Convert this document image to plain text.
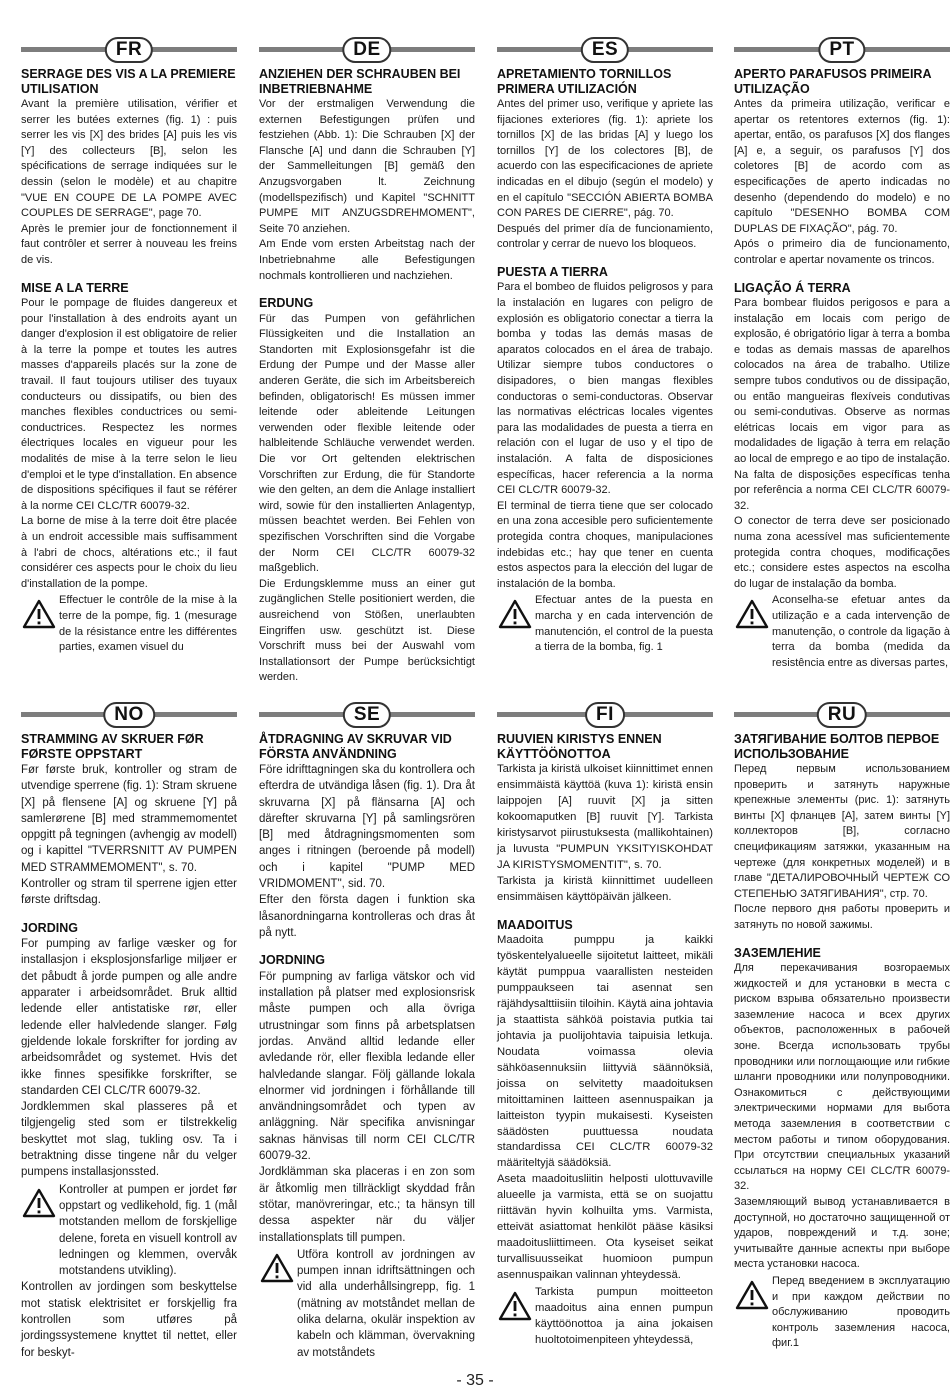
FR
SERRAGE DES VIS A LA PREMIERE UTILISATION

Avant la première utilisation, vérifier et serrer les butées externes (fig. 1) : puis serrer les vis [X] des brides [A] puis les vis [Y] des collecteurs [B], selon les spécifications de serrage indiquées sur le dessin (selon le modèle) et au chapitre "VUE EN COUPE DE LA POMPE AVEC COUPLES DE SERRAGE", page 70.

Après le premier jour de fonctionnement il faut contrôler et serrer à nouveau les freins de vis.

MISE A LA TERRE

Pour le pompage de fluides dangereux et pour l'installation à des endroits ayant un danger d'explosion il est obligatoire de relier à la terre la pompe et toutes les autres masses d'appareils placés sur la zone de travail. Il faut toujours utiliser des tuyaux conducteurs ou dissipatifs, ou bien des manches flexibles conductrices ou semi-conductrices. Respectez les normes électriques locales en vigueur pour les modalités de mise à la terre selon le lieu d'emploi et le type d'installation. En absence de dispositions spécifiques il faut se référer à la norme CEI CLC/TR 60079-32.

La borne de mise à la terre doit être placée à un endroit accessible mais suffisamment à l'abri de chocs, altérations etc.; il faut considérer ces aspects pour le choix du lieu d'installation de la pompe.

Effectuer le contrôle de la mise à la terre de la pompe, fig. 1 (mesurage de la résistance entre les différentes parties, examen visuel du

DE
ANZIEHEN DER SCHRAUBEN BEI INBETRIEBNAHME

Vor der erstmaligen Verwendung die externen Befestigungen prüfen und festziehen (Abb. 1): Die Schrauben [X] der Flansche [A] und dann die Schrauben [Y] der Sammelleitungen [B] gemäß den Anzugsvorgaben lt. Zeichnung (modellspezifisch) und Kapitel "SCHNITT PUMPE MIT ANZUGSDREHMOMENT", Seite 70 anziehen.

Am Ende vom ersten Arbeitstag nach der Inbetriebnahme alle Befestigungen nochmals kontrollieren und nachziehen.

ERDUNG

Für das Pumpen von gefährlichen Flüssigkeiten und die Installation an Standorten mit Explosionsgefahr ist die Erdung der Pumpe und der Masse aller anderen Geräte, die sich im Arbeitsbereich befinden, obligatorisch! Es müssen immer leitende oder ableitende Leitungen verwenden oder flexible leitende oder halbleitende Schläuche verwendet werden. Die vor Ort geltenden elektrischen Vorschriften zur Erdung, die für Standorte wie den gelten, an dem die Anlage installiert wird, sowie für den installierten Anlagentyp, müssen beachtet werden. Bei Fehlen von spezifischen Vorschriften sind die Vorgabe der Norm CEI CLC/TR 60079-32 maßgeblich.

Die Erdungsklemme muss an einer gut zugänglichen Stelle positioniert werden, die ausreichend von Stößen, unerlaubten Eingriffen usw. geschützt ist. Diese Vorschrift muss bei der Auswahl vom Installationsort der Pumpe berücksichtigt werden.

ES
APRETAMIENTO TORNILLOS PRIMERA UTILIZACIÓN

Antes del primer uso, verifique y apriete las fijaciones exteriores (fig. 1): apriete los tornillos [X] de las bridas [A] y luego los tornillos [Y] de los colectores [B], de acuerdo con las especificaciones de apriete indicadas en el dibujo (según el modelo) y en el capítulo "SECCIÓN ABIERTA BOMBA CON PARES DE CIERRE", pág. 70.

Después del primer día de funcionamiento, controlar y cerrar de nuevo los bloqueos.

PUESTA A TIERRA

Para el bombeo de fluidos peligrosos y para la instalación en lugares con peligro de explosión es obligatorio conectar a tierra la bomba y todas las demás masas de aparatos colocados en el área de trabajo. Utilizar siempre tubos conductores o disipadores, o bien mangas flexibles conductoras o semi-conductoras. Observar las normativas eléctricas locales vigentes para las modalidades de puesta a tierra en relación con el lugar de uso y el tipo de instalación. A falta de disposiciones específicas, hacer referencia a la norma CEI CLC/TR 60079-32.

El terminal de tierra tiene que ser colocado en una zona accesible pero suficientemente protegida contra choques, manipulaciones indebidas etc.; hay que tener en cuenta estos aspectos para la elección del lugar de instalación de la bomba.

Efectuar antes de la puesta en marcha y en cada intervención de manutención, el control de la puesta a tierra de la bomba, fig. 1

PT
APERTO PARAFUSOS PRIMEIRA UTILIZAÇÃO

Antes da primeira utilização, verificar e apertar os retentores externos (fig. 1): apertar, então, os parafusos [X] dos flanges [A] e, a seguir, os parafusos [Y] dos coletores [B] de acordo com as especificações de aperto indicadas no desenho (dependendo do modelo) e no capítulo "DESENHO BOMBA COM DUPLAS DE FIXAÇÃO", pág. 70.

Após o primeiro dia de funcionamento, controlar e apertar novamente os trincos.

LIGAÇÃO Á TERRA

Para bombear fluidos perigosos e para a instalação em locais com perigo de explosão, é obrigatório ligar à terra a bomba e todas as demais massas de aparelhos colocados na área de trabalho. Utilize sempre tubos condutivos ou de dissipação, ou então mangueiras flexíveis condutivas ou semi-condutivas. Observe as normas elétricas locais em vigor para as modalidades de ligação à terra em relação ao local de emprego e ao tipo de instalação. Na falta de disposições específicas tenha por referência a norma CEI CLC/TR 60079-32.

O conector de terra deve ser posicionado numa zona acessível mas suficientemente protegida contra choques, modificações etc.; considere estes aspectos na escolha do lugar de instalação da bomba.

Aconselha-se efetuar antes da utilização e a cada intervenção de manutenção, o controle da ligação à terra da bomba (medida da resistência entre as diversas partes,

NO
STRAMMING AV SKRUER FØR FØRSTE OPPSTART

Før første bruk, kontroller og stram de utvendige sperrene (fig. 1): Stram skruene [X] på flensene [A] og skruene [Y] på samlerørene [B] med strammemomentet oppgitt på tegningen (avhengig av modell) og i kapittel "TVERRSNITT AV PUMPEN MED STRAMMEMOMENT", s. 70.

Kontroller og stram til sperrene igjen etter første driftsdag.

JORDING

For pumping av farlige væsker og for installasjon i eksplosjonsfarlige miljøer er det påbudt å jorde pumpen og alle andre apparater i arbeidsområdet. Bruk alltid ledende eller antistatiske rør, eller ledende eller halvledende slanger. Følg gjeldende lokale forskrifter for jording av arbeidsområdet og systemet. Hvis det ikke finnes spesifikke forskrifter, se standarden CEI CLC/TR 60079-32.

Jordklemmen skal plasseres på et tilgjengelig sted som er tilstrekkelig beskyttet mot slag, tukling osv. Ta i betraktning disse tingene når du velger pumpens installasjonssted.

Kontroller at pumpen er jordet før oppstart og vedlikehold, fig. 1 (mål motstanden mellom de forskjellige delene, foreta en visuell kontroll av ledningen og klemmen, overvåk motstandens utvikling).

Kontrollen av jordingen som beskyttelse mot statisk elektrisitet er forskjellig fra kontrollen som utføres på jordingssystemene knyttet til nettet, eller for beskyt-

SE
ÅTDRAGNING AV SKRUVAR VID FÖRSTA ANVÄNDNING

Före idrifttagningen ska du kontrollera och efterdra de utvändiga låsen (fig. 1). Dra åt skruvarna [X] på flänsarna [A] och därefter skruvarna [Y] på samlingsrören [B] med åtdragningsmomenten som anges i ritningen (beroende på modell) och i kapitel "PUMP MED VRIDMOMENT", sid. 70.

Efter den första dagen i funktion ska låsanordningarna kontrolleras och dras åt på nytt.

JORDNING

För pumpning av farliga vätskor och vid installation på platser med explosionsrisk måste pumpen och alla övriga utrustningar som finns på arbetsplatsen jordas. Använd alltid ledande eller avledande rör, eller flexibla ledande eller halvledande slangar. Följ gällande lokala elnormer vid jordningen i förhållande till användningsområdet och typen av anläggning. När specifika anvisningar saknas hänvisas till norm CEI CLC/TR 60079-32.

Jordklämman ska placeras i en zon som är åtkomlig men tillräckligt skyddad från stötar, manövreringar, etc.; ta hänsyn till dessa aspekter när du väljer installationsplats till pumpen.

Utföra kontroll av jordningen av pumpen innan idriftsättningen och vid alla underhållsingrepp, fig. 1 (mätning av motståndet mellan de olika delarna, okulär inspektion av kabeln och klämman, övervakning av motståndets

FI
RUUVIEN KIRISTYS ENNEN KÄYTTÖÖNOTTOA

Tarkista ja kiristä ulkoiset kiinnittimet ennen ensimmäistä käyttöä (kuva 1): kiristä ensin laippojen [A] ruuvit [X] ja sitten kokoomaputken [B] ruuvit [Y]. Tarkista kiristysarvot piirustuksesta (mallikohtainen) ja luvusta "PUMPUN YKSITYISKOHDAT JA KIRISTYSMOMENTIT", s. 70.

Tarkista ja kiristä kiinnittimet uudelleen ensimmäisen käyttöpäivän jälkeen.

MAADOITUS

Maadoita pumppu ja kaikki työskentelyalueelle sijoitetut laitteet, mikäli käytät pumppua vaarallisten nesteiden pumppaukseen tai asennat sen räjähdysalttiisiin tiloihin. Käytä aina johtavia ja staattista sähköä poistavia putkia tai johtavia ja puolijohtavia taipuisia letkuja. Noudata voimassa olevia sähköasennuksiin liittyviä säännöksiä, joissa on selvitetty maadoituksen mitoittaminen laitteen asennuspaikan ja laitteiston tyypin mukaisesti. Kyseisten säädösten puuttuessa noudata standardissa CEI CLC/TR 60079-32 määriteltyjä säädöksiä.

Aseta maadoitusliitin helposti ulottuvaville alueelle ja varmista, että se on suojattu riittävän hyvin kolhuilta yms. Varmista, etteivät asiattomat henkilöt pääse käsiksi maadoitusliittimeen. Ota kyseiset seikat turvallisuusseikat huomioon pumpun asennuspaikan valinnan yhteydessä.

Tarkista pumpun moitteeton maadoitus aina ennen pumpun käyttöönottoa ja aina jokaisen huoltotoimenpiteen yhteydessä,

RU
ЗАТЯГИВАНИЕ БОЛТОВ ПЕРВОЕ ИСПОЛЬЗОВАНИЕ

Перед первым использованием проверить и затянуть наружные крепежные элементы (рис. 1): затянуть винты [X] фланцев [A], затем винты [Y] коллекторов [B], согласно спецификациям затяжки, указанным на чертеже (для конкретных моделей) и в главе "ДЕТАЛИРОВОЧНЫЙ ЧЕРТЕЖ СО СТЕПЕНЬЮ ЗАТЯГИВАНИЯ", стр. 70.

После первого дня работы проверить и затянуть по новой зажимы.

ЗАЗЕМЛЕНИЕ

Для перекачивания возгораемых жидкостей и для установки в места с риском взрыва обязательно произвести заземление насоса и всех других объектов, расположенных в рабочей зоне. Всегда использовать трубы проводники или поглощающие или гибкие шланги проводники или полупроводники. Ознакомиться с действующими электрическими нормами для выбота метода заземления в соответствии с местом работы и типом оборудования. При отсутствии специальных указаний ссылаться на норму CEI CLC/TR 60079-32.

Заземляющий вывод устанавливается в доступной, но достаточно защищенной от ударов, повреждений и т.д. зоне; учитывайте данные аспекты при выборе места установки насоса.

Перед введением в эксплуатацию и при каждом действии по обслуживанию проводить контроль заземления насоса, фиг.1

- 35 -
